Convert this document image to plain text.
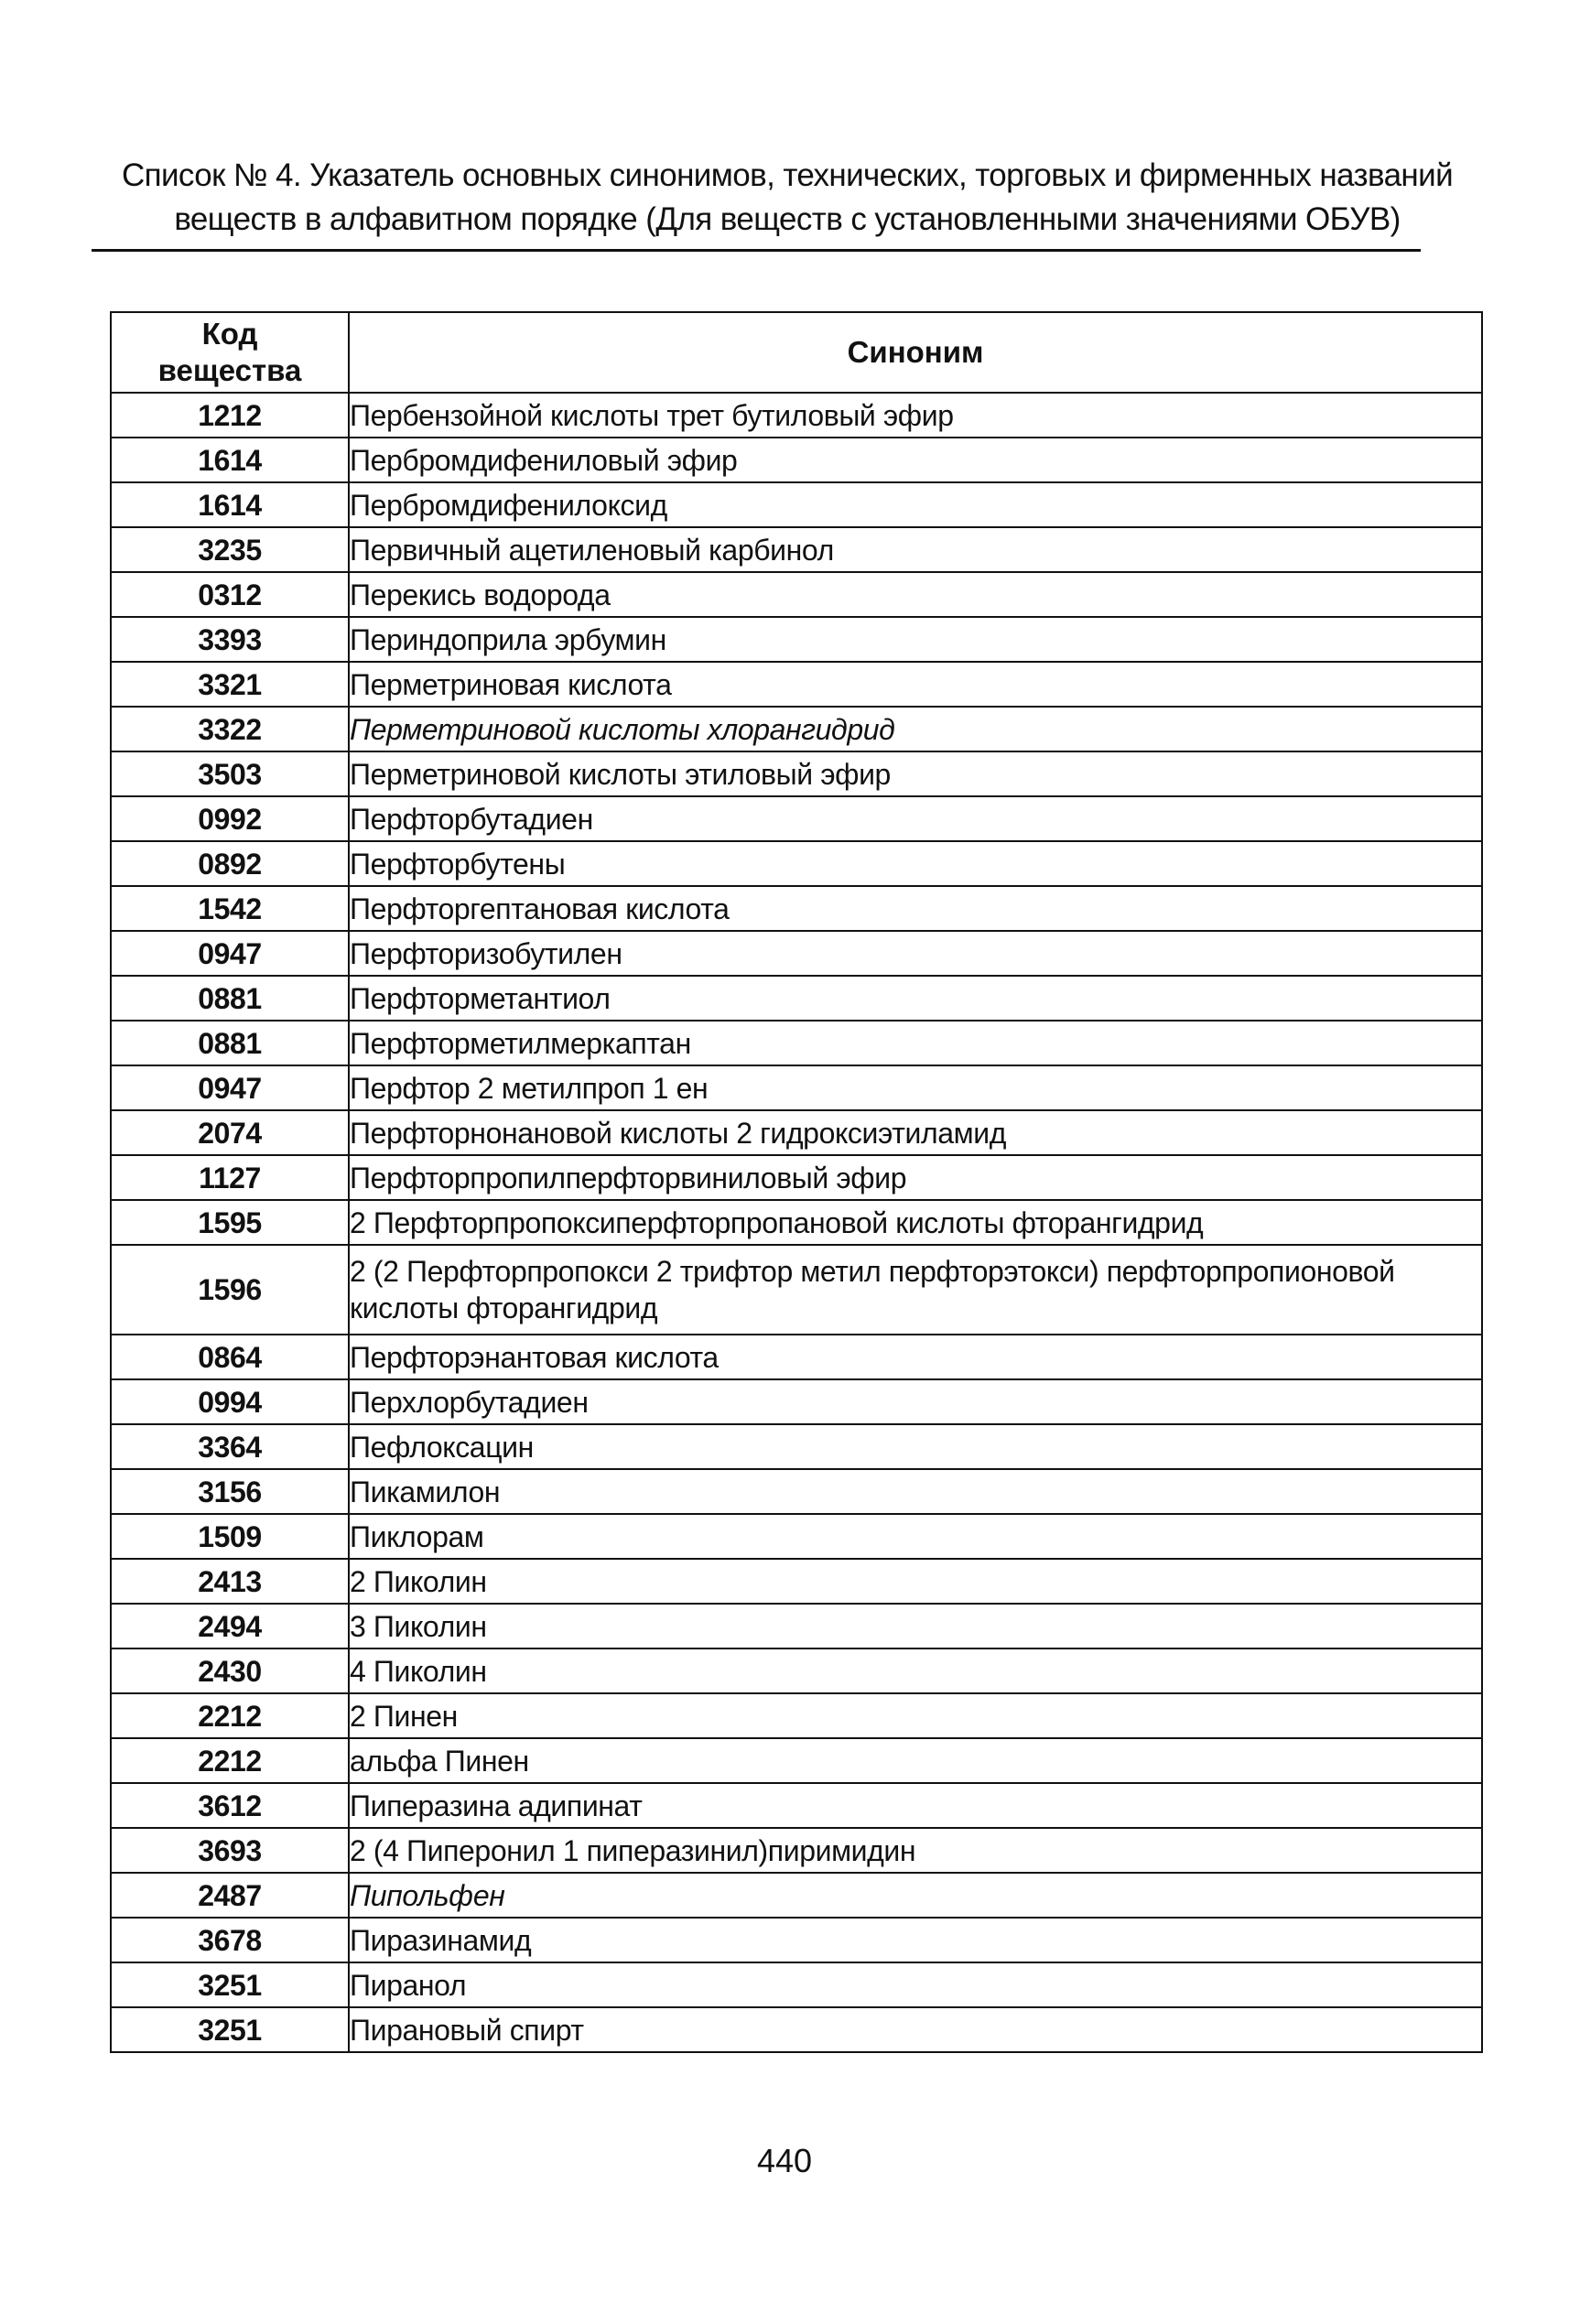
Список № 4. Указатель основных синонимов, технических, торговых и фирменных названий
веществ в алфавитном порядке (Для веществ с установленными значениями ОБУВ)
Код
вещества	Синоним
1212	Пербензойной кислоты трет бутиловый эфир
1614	Пербромдифениловый эфир
1614	Пербромдифенилоксид
3235	Первичный ацетиленовый карбинол
0312	Перекись водорода
3393	Периндоприла эрбумин
3321	Перметриновая кислота
3322	Перметриновой кислоты хлорангидрид
3503	Перметриновой кислоты этиловый эфир
0992	Перфторбутадиен
0892	Перфторбутены
1542	Перфторгептановая кислота
0947	Перфторизобутилен
0881	Перфторметантиол
0881	Перфторметилмеркаптан
0947	Перфтор 2 метилпроп 1 ен
2074	Перфторнонановой кислоты 2 гидроксиэтиламид
1127	Перфторпропилперфторвиниловый эфир
1595	2 Перфторпропоксиперфторпропановой кислоты фторангидрид
1596	2 (2 Перфторпропокси 2 трифтор метил перфторэтокси) перфторпропионовой кислоты фторангидрид
0864	Перфторэнантовая кислота
0994	Перхлорбутадиен
3364	Пефлоксацин
3156	Пикамилон
1509	Пиклорам
2413	2 Пиколин
2494	3 Пиколин
2430	4 Пиколин
2212	2 Пинен
2212	альфа Пинен
3612	Пиперазина адипинат
3693	2 (4 Пиперонил 1 пиперазинил)пиримидин
2487	Пипольфен
3678	Пиразинамид
3251	Пиранол
3251	Пирановый спирт
440
